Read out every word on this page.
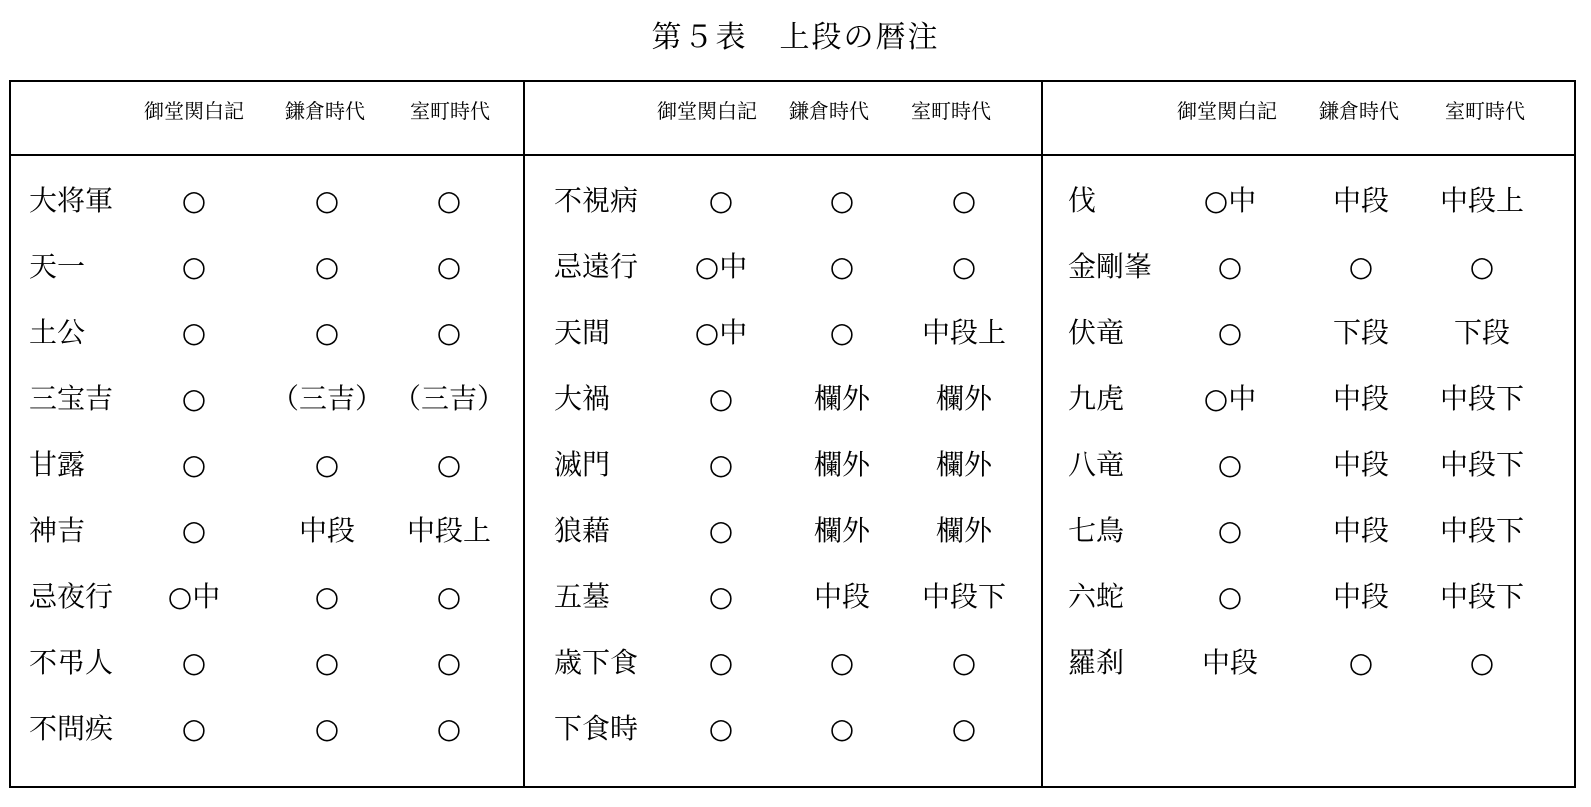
第５表　上段の暦注
御堂関白記	鎌倉時代	室町時代
大将軍	○	○	○
天一	○	○	○
土公	○	○	○
三宝吉	○	（三吉） （三吉）
甘露	○	○	○
神吉	○	中段	中段上
忌夜行	○中	○	○
不弔人	○	○	○
不問疾	○	○	○
御堂関白記	鎌倉時代	室町時代
不視病	○	○	○
忌遠行	○中	○	○
天間	○中	○	中段上
大禍	○	欄外	欄外
滅門	○	欄外	欄外
狼藉	○	欄外	欄外
五墓	○	中段	中段下
歳下食	○	○	○
下食時	○	○	○
御堂関白記	鎌倉時代	室町時代
伐	○中	中段	中段上
金剛峯	○	○	○
伏竜	○	下段	下段
九虎	○中	中段	中段下
八竜	○	中段	中段下
七鳥	○	中段	中段下
六蛇	○	中段	中段下
羅刹	中段	○	○
